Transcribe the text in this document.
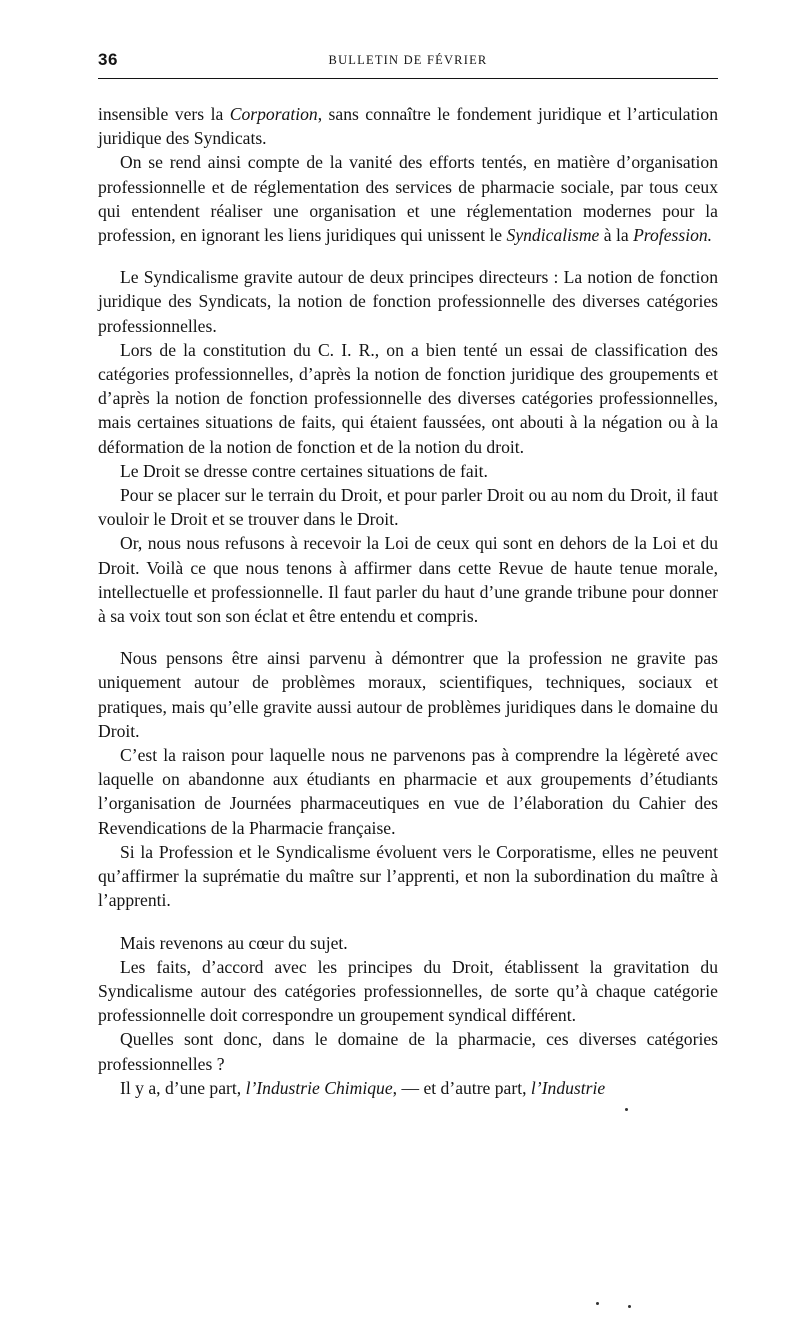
36	BULLETIN DE FÉVRIER

insensible vers la Corporation, sans connaître le fondement juridique et l’articulation juridique des Syndicats.

On se rend ainsi compte de la vanité des efforts tentés, en matière d’organisation professionnelle et de réglementation des services de pharmacie sociale, par tous ceux qui entendent réaliser une organisation et une réglementation modernes pour la profession, en ignorant les liens juridiques qui unissent le Syndicalisme à la Profession.

Le Syndicalisme gravite autour de deux principes directeurs : La notion de fonction juridique des Syndicats, la notion de fonction professionnelle des diverses catégories professionnelles.

Lors de la constitution du C. I. R., on a bien tenté un essai de classification des catégories professionnelles, d’après la notion de fonction juridique des groupements et d’après la notion de fonction professionnelle des diverses catégories professionnelles, mais certaines situations de faits, qui étaient faussées, ont abouti à la négation ou à la déformation de la notion de fonction et de la notion du droit.

Le Droit se dresse contre certaines situations de fait.

Pour se placer sur le terrain du Droit, et pour parler Droit ou au nom du Droit, il faut vouloir le Droit et se trouver dans le Droit.

Or, nous nous refusons à recevoir la Loi de ceux qui sont en dehors de la Loi et du Droit. Voilà ce que nous tenons à affirmer dans cette Revue de haute tenue morale, intellectuelle et professionnelle. Il faut parler du haut d’une grande tribune pour donner à sa voix tout son son éclat et être entendu et compris.

Nous pensons être ainsi parvenu à démontrer que la profession ne gravite pas uniquement autour de problèmes moraux, scientifiques, techniques, sociaux et pratiques, mais qu’elle gravite aussi autour de problèmes juridiques dans le domaine du Droit.

C’est la raison pour laquelle nous ne parvenons pas à comprendre la légèreté avec laquelle on abandonne aux étudiants en pharmacie et aux groupements d’étudiants l’organisation de Journées pharmaceutiques en vue de l’élaboration du Cahier des Revendications de la Pharmacie française.

Si la Profession et le Syndicalisme évoluent vers le Corporatisme, elles ne peuvent qu’affirmer la suprématie du maître sur l’apprenti, et non la subordination du maître à l’apprenti.

Mais revenons au cœur du sujet.

Les faits, d’accord avec les principes du Droit, établissent la gravitation du Syndicalisme autour des catégories professionnelles, de sorte qu’à chaque catégorie professionnelle doit correspondre un groupement syndical différent.

Quelles sont donc, dans le domaine de la pharmacie, ces diverses catégories professionnelles ?

Il y a, d’une part, l’Industrie Chimique, — et d’autre part, l’Industrie
